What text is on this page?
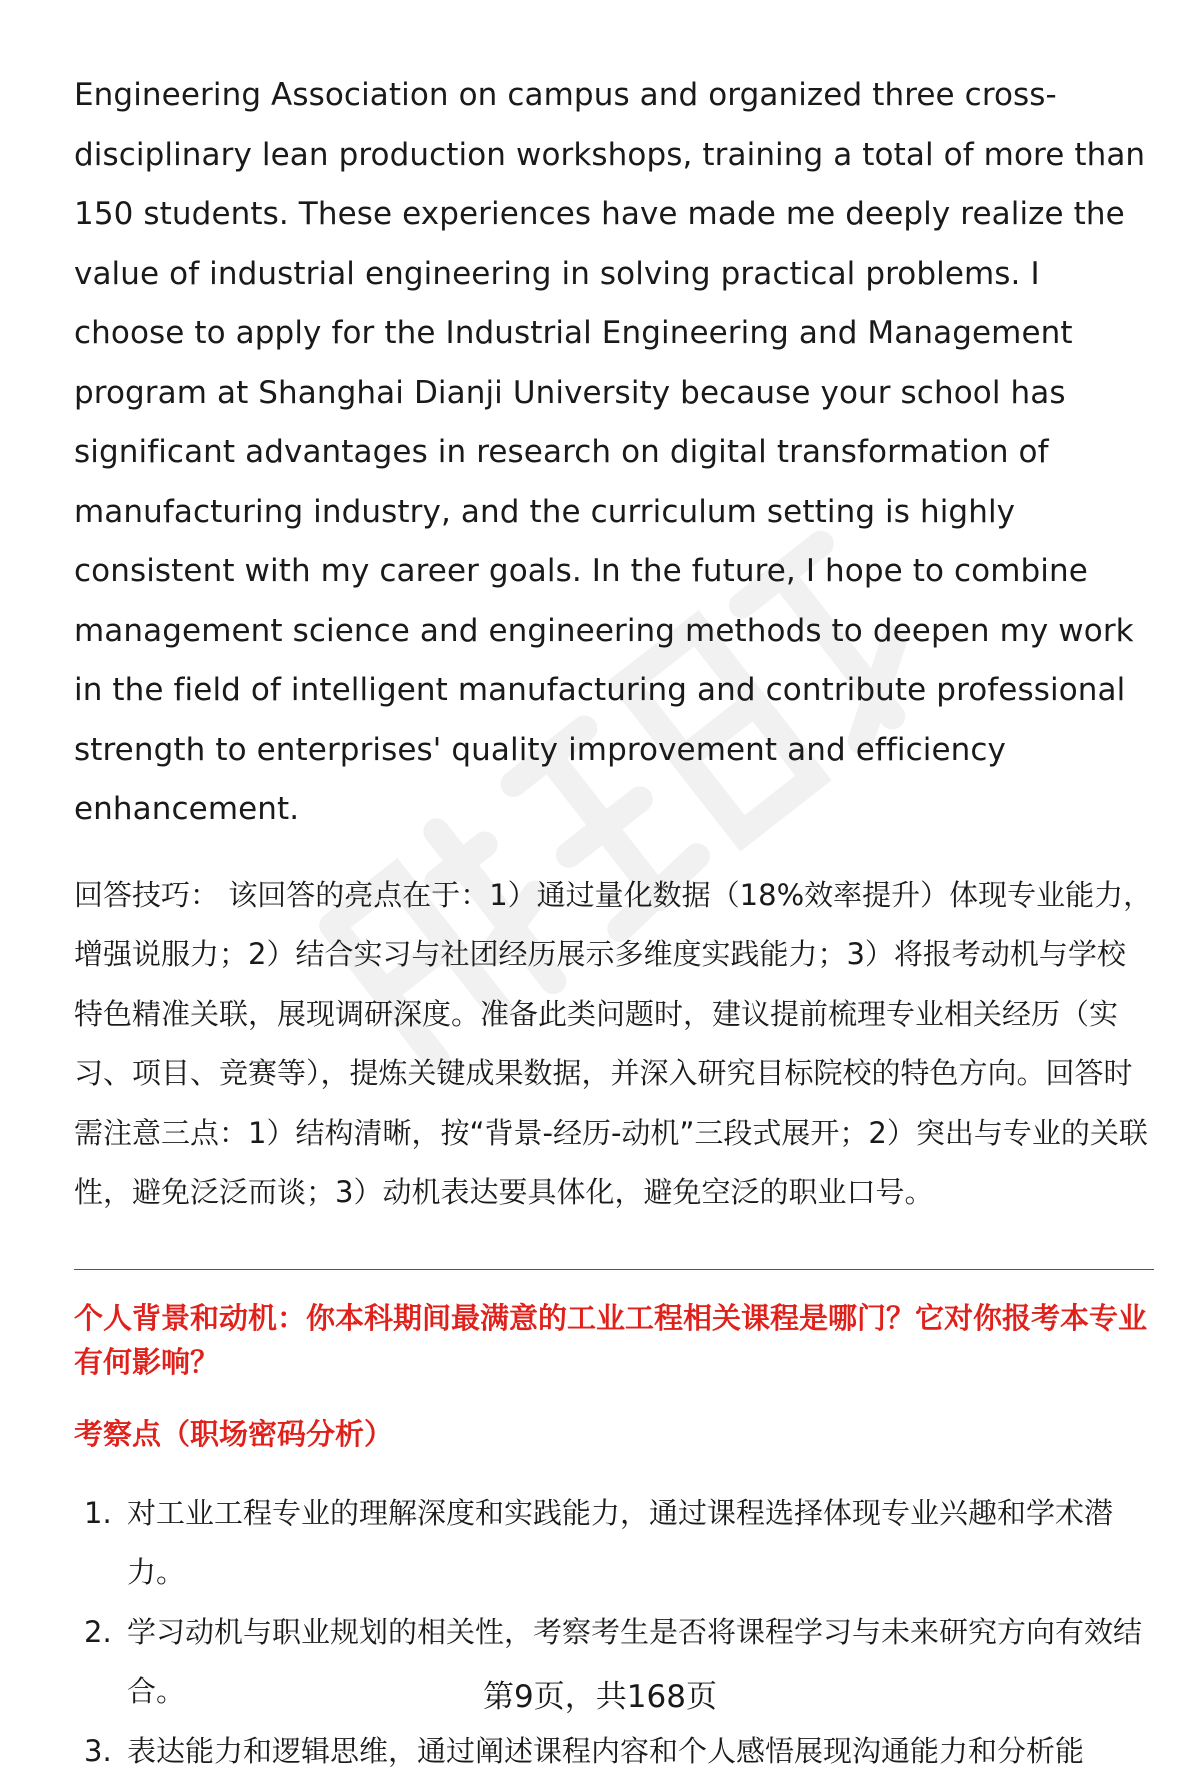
Engineering Association on campus and organized three cross-disciplinary lean production workshops, training a total of more than 150 students. These experiences have made me deeply realize the value of industrial engineering in solving practical problems. I choose to apply for the Industrial Engineering and Management program at Shanghai Dianji University because your school has significant advantages in research on digital transformation of manufacturing industry, and the curriculum setting is highly consistent with my career goals. In the future, I hope to combine management science and engineering methods to deepen my work in the field of intelligent manufacturing and contribute professional strength to enterprises' quality improvement and efficiency enhancement.

回答技巧： 该回答的亮点在于：1）通过量化数据（18%效率提升）体现专业能力，增强说服力；2）结合实习与社团经历展示多维度实践能力；3）将报考动机与学校特色精准关联，展现调研深度。准备此类问题时，建议提前梳理专业相关经历（实习、项目、竞赛等），提炼关键成果数据，并深入研究目标院校的特色方向。回答时需注意三点：1）结构清晰，按“背景-经历-动机”三段式展开；2）突出与专业的关联性，避免泛泛而谈；3）动机表达要具体化，避免空泛的职业口号。

个人背景和动机：你本科期间最满意的工业工程相关课程是哪门？它对你报考本专业有何影响？
考察点（职场密码分析）
1. 对工业工程专业的理解深度和实践能力，通过课程选择体现专业兴趣和学术潜力。
2. 学习动机与职业规划的相关性，考察考生是否将课程学习与未来研究方向有效结合。
3. 表达能力和逻辑思维，通过阐述课程内容和个人感悟展现沟通能力和分析能
第9页，共168页
